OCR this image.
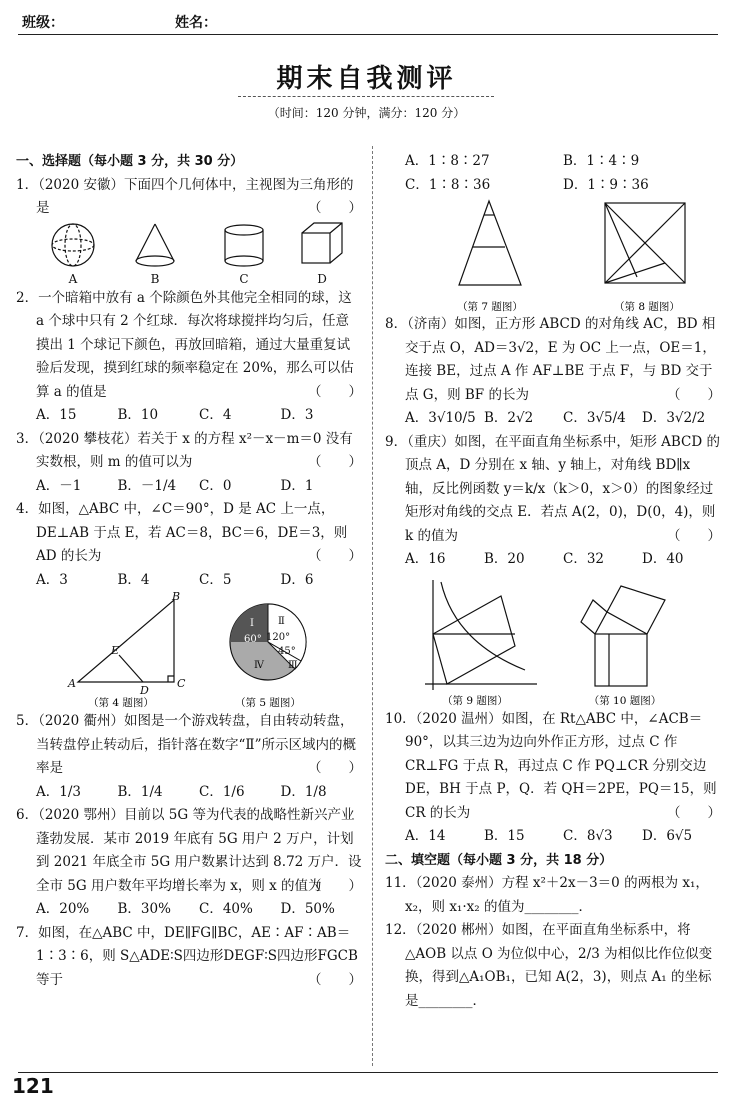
班级：	姓名：
期末自我测评
（时间：120 分钟，满分：120 分）
一、选择题（每小题 3 分，共 30 分）
1．（2020 安徽）下面四个几何体中，主视图为三角形的是	（　　）
A	B	C	D
2．一个暗箱中放有 a 个除颜色外其他完全相同的球，这 a 个球中只有 2 个红球．每次将球搅拌均匀后，任意摸出 1 个球记下颜色，再放回暗箱，通过大量重复试验后发现，摸到红球的频率稳定在 20%，那么可以估算 a 的值是	（　　）
A．15	B．10	C．4	D．3
3．（2020 攀枝花）若关于 x 的方程 x²－x－m＝0 没有实数根，则 m 的值可以为	（　　）
A．－1	B．－1/4	C．0	D．1
4．如图，△ABC 中，∠C＝90°，D 是 AC 上一点，DE⊥AB 于点 E，若 AC＝8，BC＝6，DE＝3，则 AD 的长为	（　　）
A．3	B．4	C．5	D．6
A
B
C
D
E
（第 4 题图）
Ⅰ Ⅱ
Ⅲ
Ⅳ
60° 120°
45°
（第 5 题图）
5．（2020 衢州）如图是一个游戏转盘，自由转动转盘，当转盘停止转动后，指针落在数字“Ⅱ”所示区域内的概率是	（　　）
A．1/3	B．1/4	C．1/6	D．1/8
6．（2020 鄂州）目前以 5G 等为代表的战略性新兴产业蓬勃发展．某市 2019 年底有 5G 用户 2 万户，计划到 2021 年底全市 5G 用户数累计达到 8.72 万户．设全市 5G 用户数年平均增长率为 x，则 x 的值为
（　　）
A．20%	B．30%	C．40%	D．50%
7．如图，在△ABC 中，DE∥FG∥BC，AE∶AF∶AB＝1∶3∶6，则 S△ADE∶S四边形DEGF∶S四边形FGCB 等于	（　　）
A．1∶8∶27	B．1∶4∶9
C．1∶8∶36	D．1∶9∶36
（第 7 题图）	（第 8 题图）
8．（济南）如图，正方形 ABCD 的对角线 AC，BD 相交于点 O，AD＝3√2，E 为 OC 上一点，OE＝1，连接 BE，过点 A 作 AF⊥BE 于点 F，与 BD 交于点 G，则 BF 的长为	（　　）
A．3√10/5 B．2√2	C．3√5/4	D．3√2/2
9．（重庆）如图，在平面直角坐标系中，矩形 ABCD 的顶点 A，D 分别在 x 轴、y 轴上，对角线 BD∥x 轴，反比例函数 y＝k/x（k＞0，x＞0）的图象经过矩形对角线的交点 E．若点 A(2，0)，D(0，4)，则 k 的值为	（　　）
A．16	B．20	C．32	D．40
（第 9 题图）	（第 10 题图）
10．（2020 温州）如图，在 Rt△ABC 中，∠ACB＝90°，以其三边为边向外作正方形，过点 C 作 CR⊥FG 于点 R，再过点 C 作 PQ⊥CR 分别交边 DE，BH 于点 P，Q．若 QH＝2PE，PQ＝15，则 CR 的长为	（　　）
A．14	B．15	C．8√3	D．6√5
二、填空题（每小题 3 分，共 18 分）
11．（2020 泰州）方程 x²＋2x－3＝0 的两根为 x₁，x₂，则 x₁·x₂ 的值为________．
12．（2020 郴州）如图，在平面直角坐标系中，将△AOB 以点 O 为位似中心，2/3 为相似比作位似变换，得到△A₁OB₁，已知 A(2，3)，则点 A₁ 的坐标是________．
121
